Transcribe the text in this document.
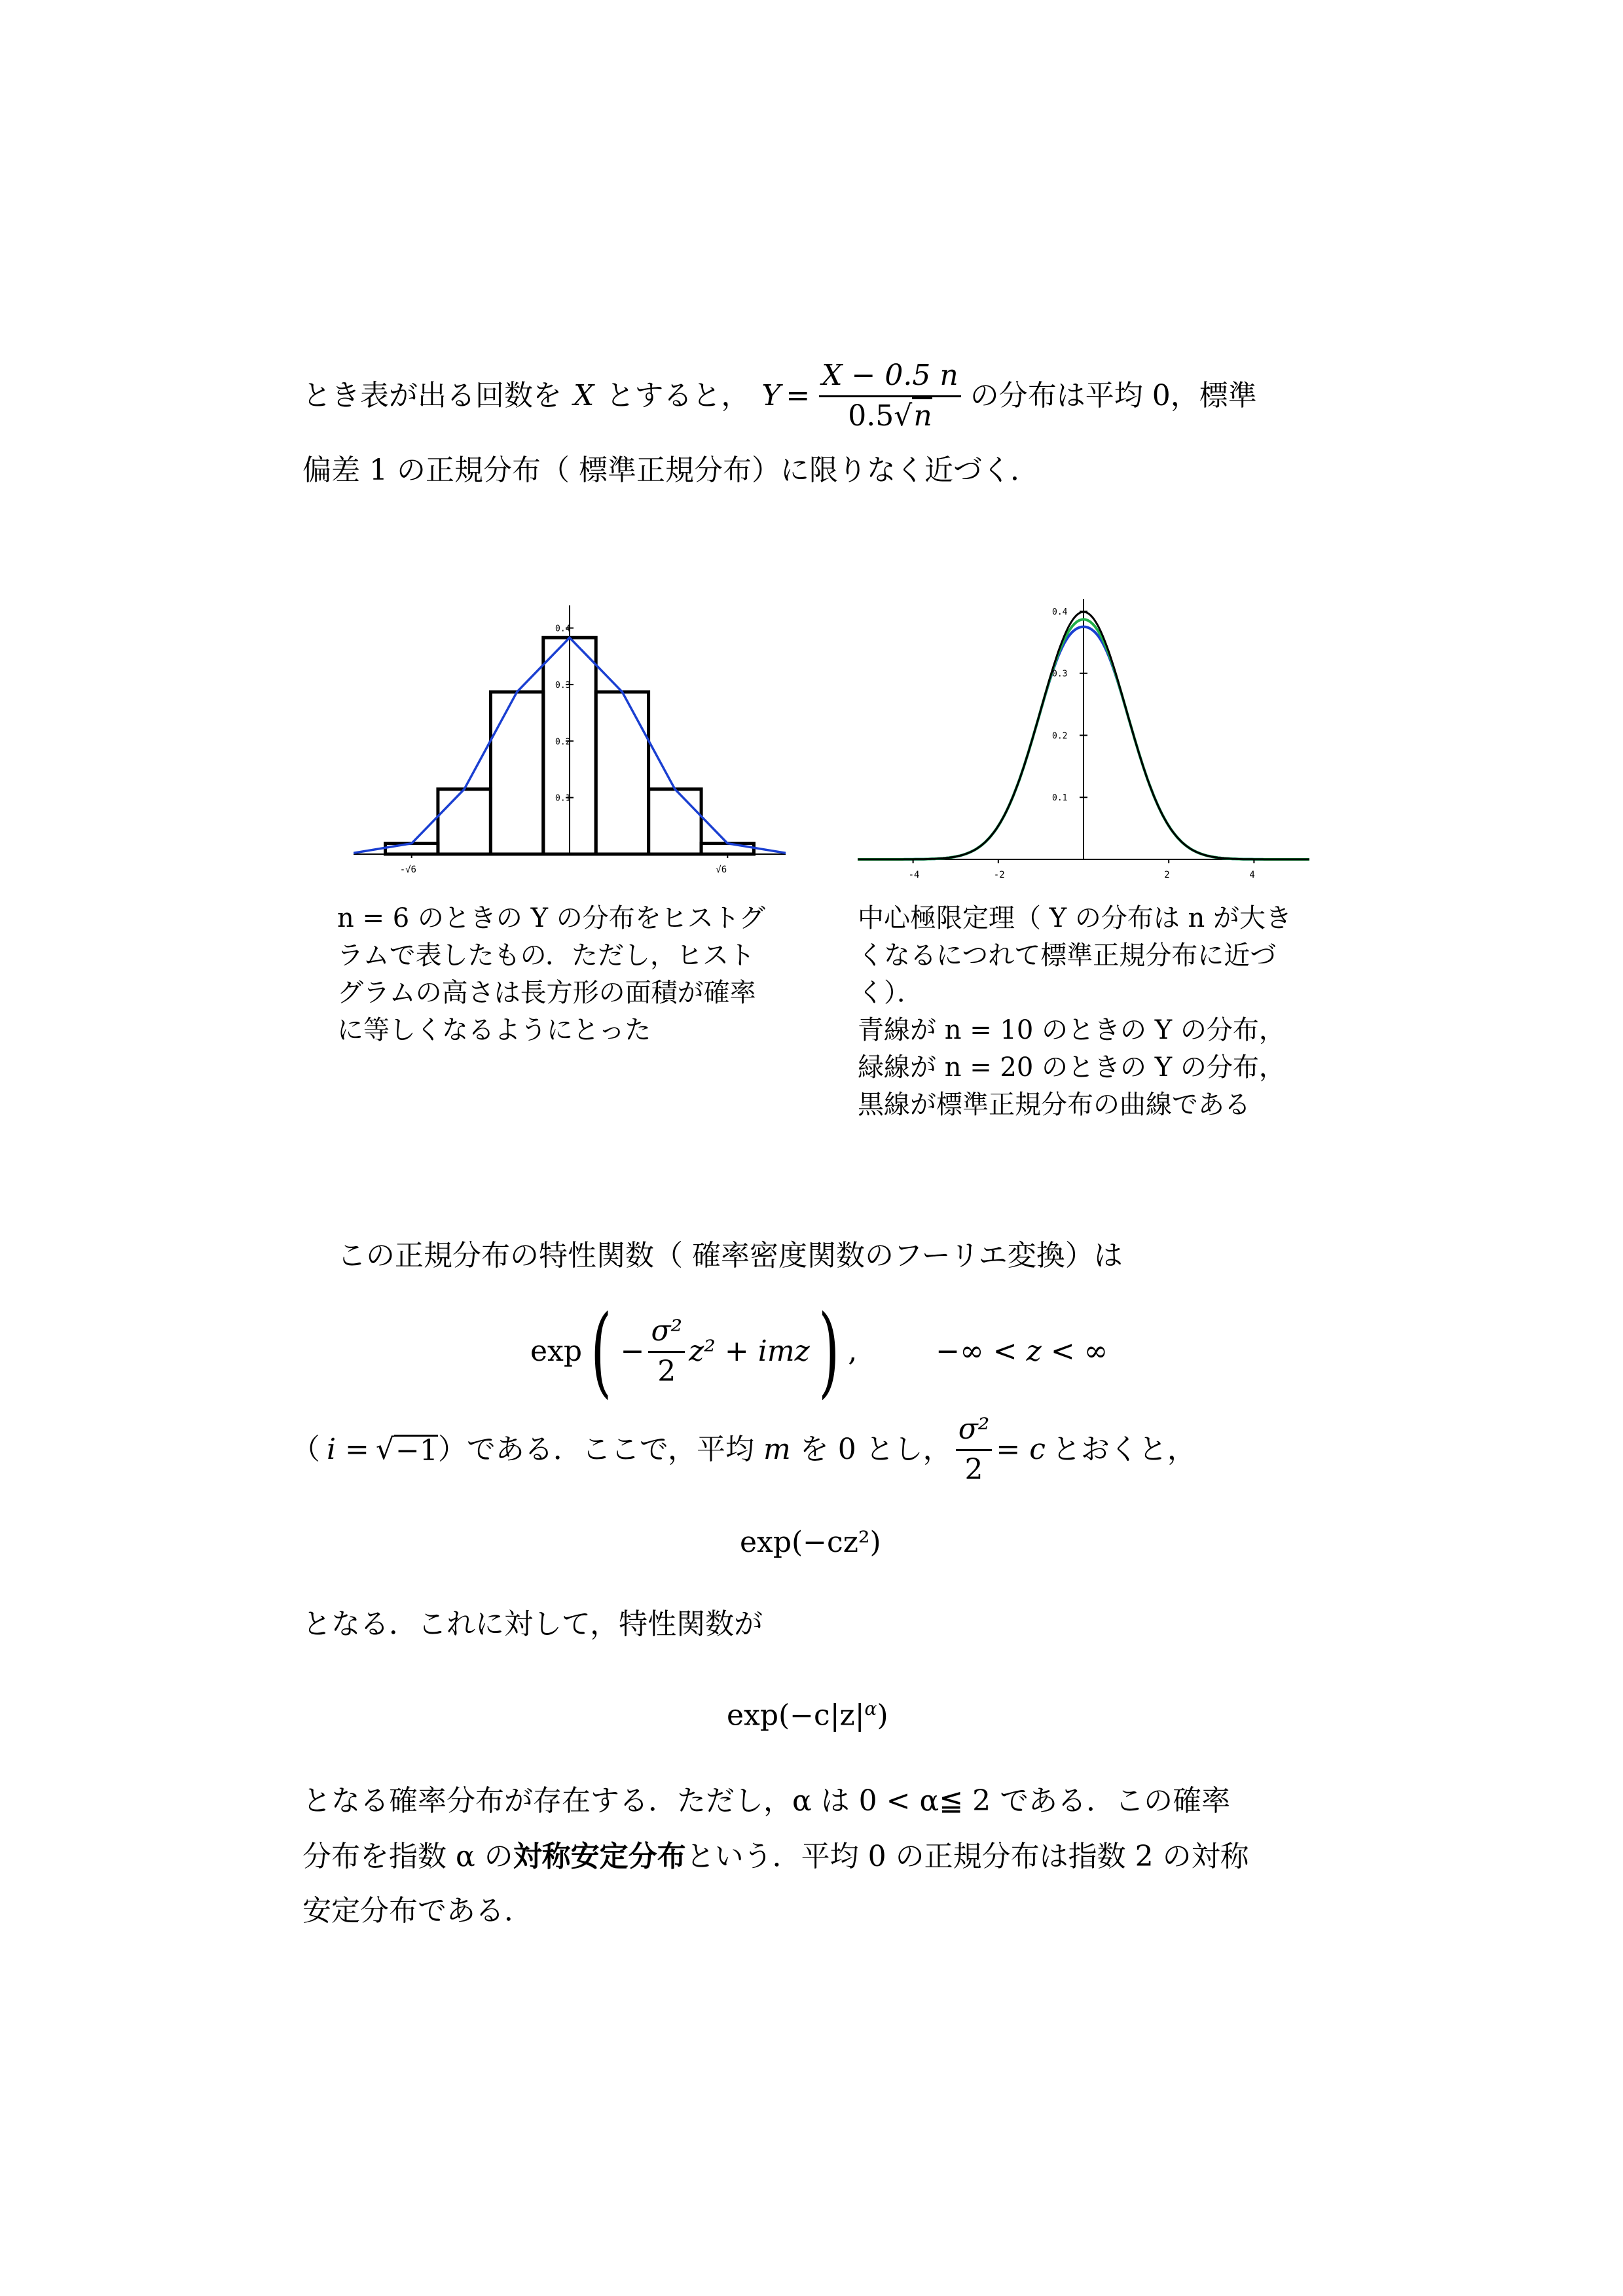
とき表が出る回数を X とすると， $Y = \frac{X - 0.5 n}{0.5√n}$ の分布は平均 0，標準
偏差 1 の正規分布（ 標準正規分布）に限りなく近づく．
0.4
0.3
0.2
0.1
-√6	√6
0.4
0.3
0.2
0.1
-4	-2	2	4
n = 6 のときの Y の分布をヒストグ
ラムで表したもの．ただし，ヒスト
グラムの高さは長方形の面積が確率
に等しくなるようにとった
中心極限定理（ Y の分布は n が大き
くなるにつれて標準正規分布に近づ
く）．
青線が n = 10 のときの Y の分布，
緑線が n = 20 のときの Y の分布，
黒線が標準正規分布の曲線である
この正規分布の特性関数（ 確率密度関数のフーリエ変換）は
exp ( − $\frac{\text{σ²}}{2} z^2$ + imz ) ,	−∞ < z < ∞
（ i = √ −1 ） である．ここで，平均 m を 0 とし， $\frac{\text{σ²}}{2} = c$ とおくと，
exp(−cz²)
となる．これに対して，特性関数が
$\exp(-c|z|^\alpha)$
となる確率分布が存在する．ただし，α は 0 < α≦ 2 である．この確率
分布を指数 α の対称安定分布という．平均 0 の正規分布は指数 2 の対称
安定分布である．
